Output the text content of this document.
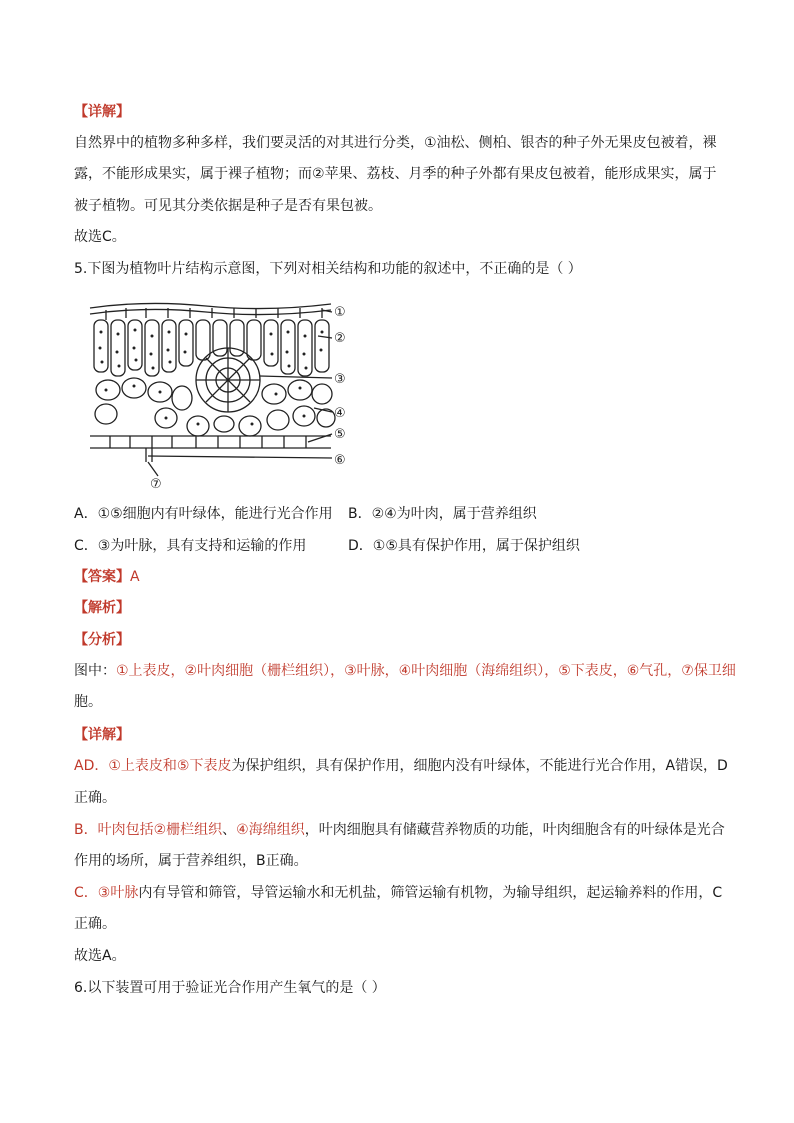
【详解】
自然界中的植物多种多样，我们要灵活的对其进行分类，①油松、侧柏、银杏的种子外无果皮包被着，裸
露，不能形成果实，属于裸子植物；而②苹果、荔枝、月季的种子外都有果皮包被着，能形成果实，属于
被子植物。可见其分类依据是种子是否有果包被。
故选C。
5.下图为植物叶片结构示意图，下列对相关结构和功能的叙述中，不正确的是（ ）
①
②
③
④
⑤
⑥
⑦
A．①⑤细胞内有叶绿体，能进行光合作用 B．②④为叶肉，属于营养组织
C．③为叶脉，具有支持和运输的作用	D．①⑤具有保护作用，属于保护组织
【答案】A
【解析】
【分析】
图中：①上表皮，②叶肉细胞（栅栏组织），③叶脉，④叶肉细胞（海绵组织），⑤下表皮，⑥气孔，⑦保卫细
胞。
【详解】
AD．①上表皮和⑤下表皮为保护组织，具有保护作用，细胞内没有叶绿体，不能进行光合作用，A错误，D
正确。
B．叶肉包括②栅栏组织、④海绵组织，叶肉细胞具有储藏营养物质的功能，叶肉细胞含有的叶绿体是光合
作用的场所，属于营养组织，B正确。
C．③叶脉内有导管和筛管，导管运输水和无机盐，筛管运输有机物，为输导组织，起运输养料的作用，C
正确。
故选A。
6.以下装置可用于验证光合作用产生氧气的是（ ）
